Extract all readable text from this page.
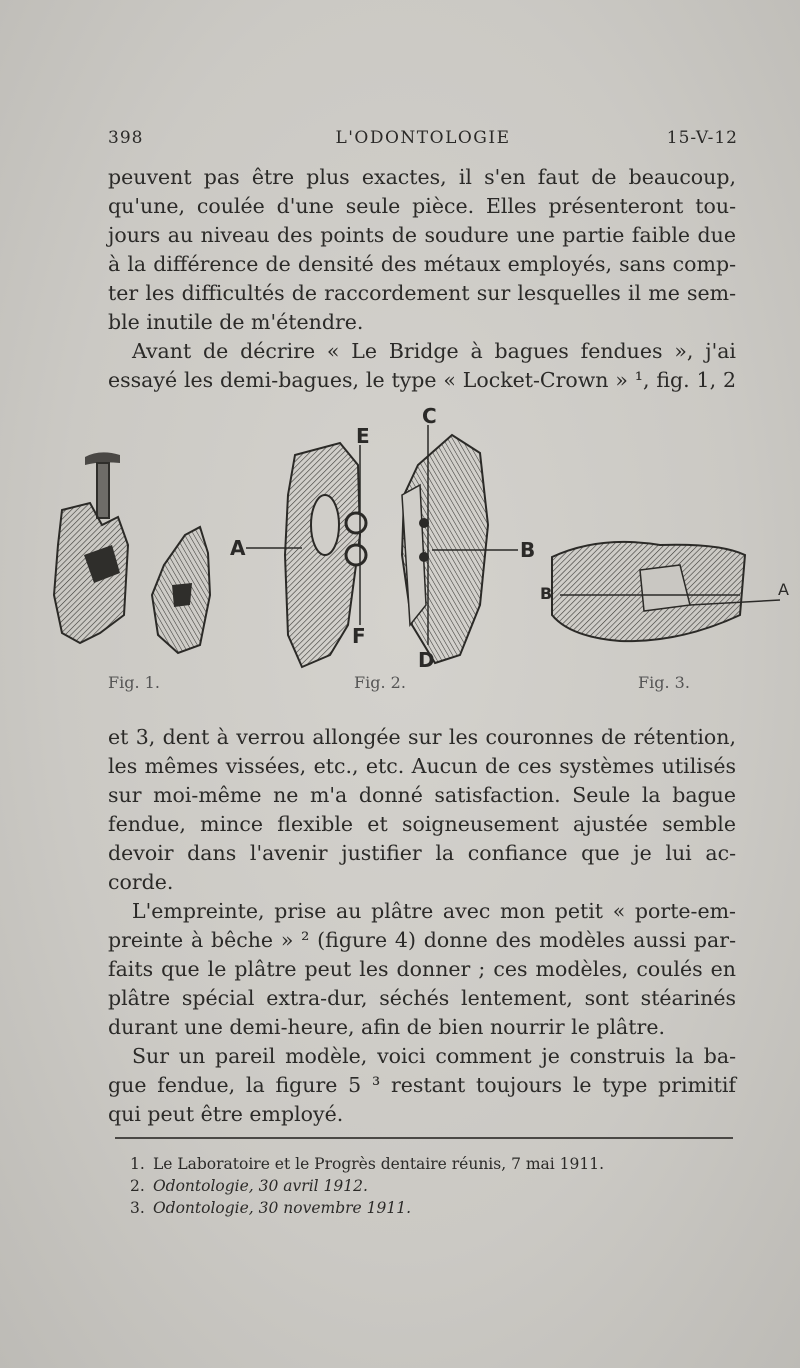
L'ODONTOLOGIE
398	15-V-12
peuvent pas être plus exactes, il s'en faut de beaucoup,
qu'une, coulée d'une seule pièce. Elles présenteront tou-
jours au niveau des points de soudure une partie faible due
à la différence de densité des métaux employés, sans comp-
ter les difficultés de raccordement sur lesquelles il me sem-
ble inutile de m'étendre.
Avant de décrire « Le Bridge à bagues fendues », j'ai
essayé les demi-bagues, le type « Locket-Crown » ¹, fig. 1, 2
A
E
F
C
D
B
B	A
Fig. 1.	Fig. 2.	Fig. 3.
et 3, dent à verrou allongée sur les couronnes de rétention,
les mêmes vissées, etc., etc. Aucun de ces systèmes utilisés
sur moi-même ne m'a donné satisfaction. Seule la bague
fendue, mince flexible et soigneusement ajustée semble
devoir dans l'avenir justifier la confiance que je lui ac-
corde.
L'empreinte, prise au plâtre avec mon petit « porte-em-
preinte à bêche » ² (figure 4) donne des modèles aussi par-
faits que le plâtre peut les donner ; ces modèles, coulés en
plâtre spécial extra-dur, séchés lentement, sont stéarinés
durant une demi-heure, afin de bien nourrir le plâtre.
Sur un pareil modèle, voici comment je construis la ba-
gue fendue, la figure 5 ³ restant toujours le type primitif
qui peut être employé.
1. Le Laboratoire et le Progrès dentaire réunis, 7 mai 1911.
2. Odontologie, 30 avril 1912.
3. Odontologie, 30 novembre 1911.
